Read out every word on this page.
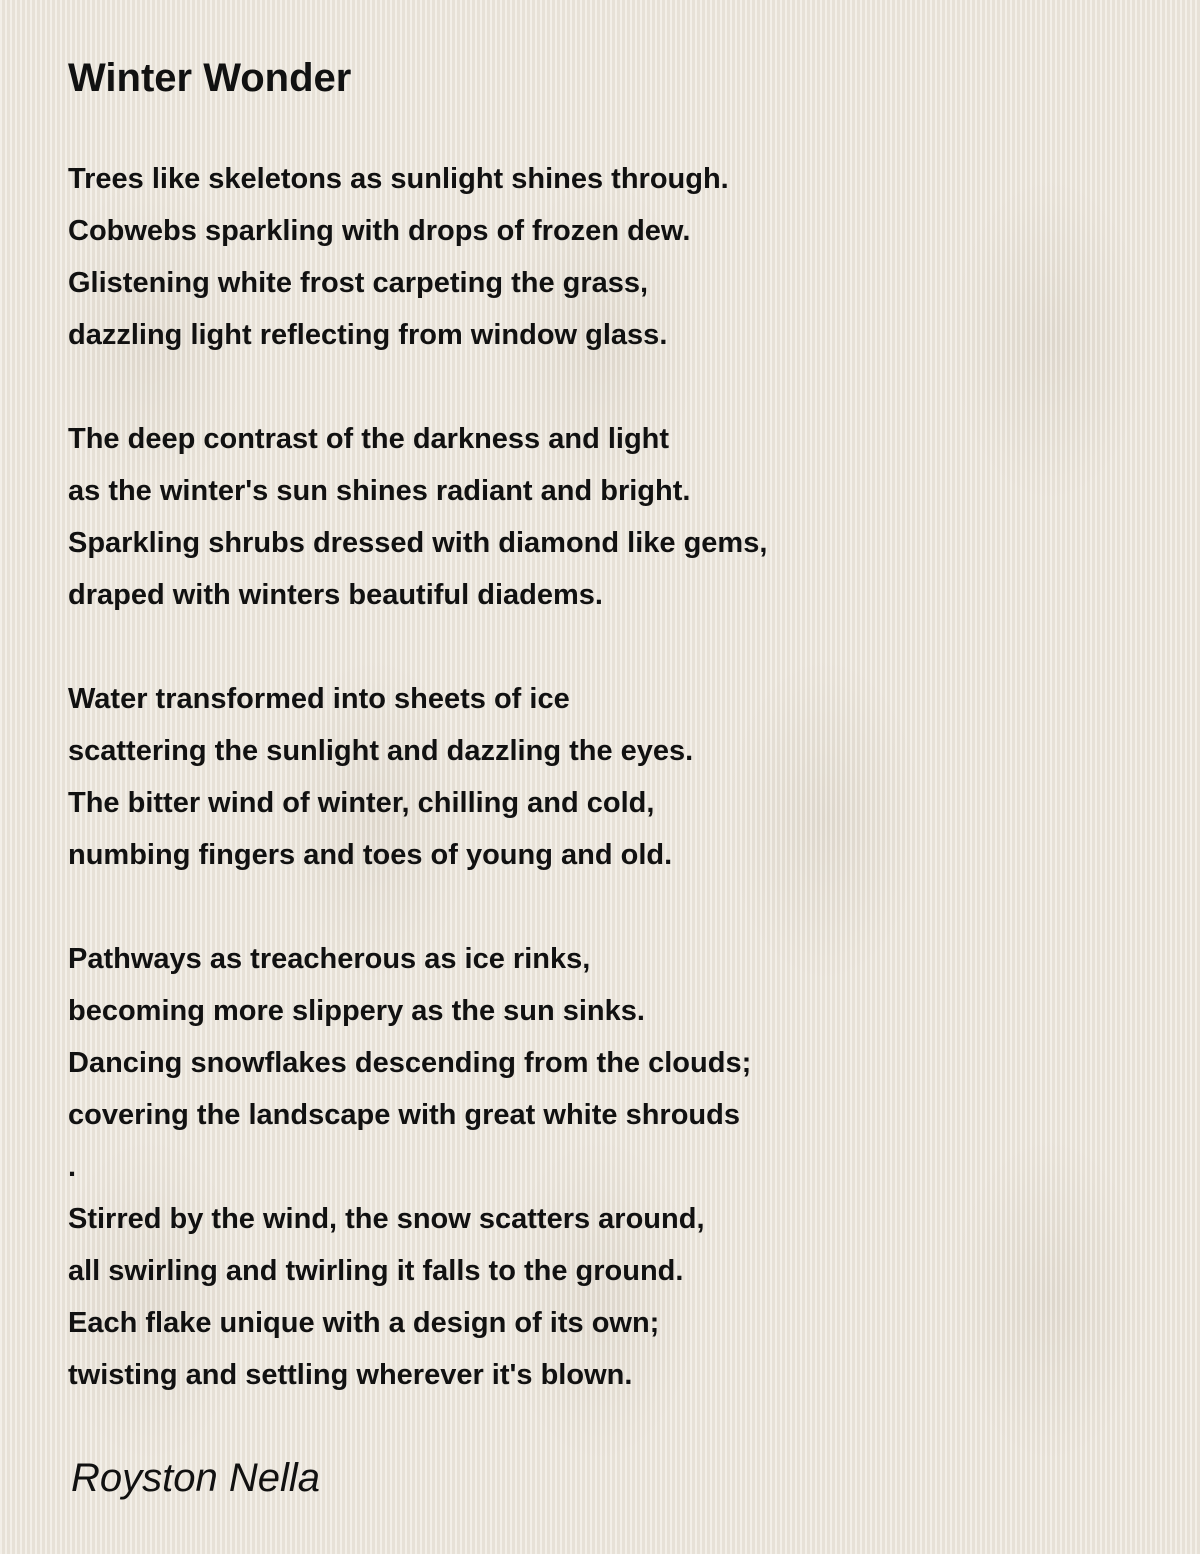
Winter Wonder
Trees like skeletons as sunlight shines through.
Cobwebs sparkling with drops of frozen dew.
Glistening white frost carpeting the grass,
dazzling light reflecting from window glass.
The deep contrast of the darkness and light
as the winter's sun shines radiant and bright.
Sparkling shrubs dressed with diamond like gems,
draped with winters beautiful diadems.
Water transformed into sheets of ice
scattering the sunlight and dazzling the eyes.
The bitter wind of winter, chilling and cold,
numbing fingers and toes of young and old.
Pathways as treacherous as ice rinks,
becoming more slippery as the sun sinks.
Dancing snowflakes descending from the clouds;
covering the landscape with great white shrouds
.
Stirred by the wind, the snow scatters around,
all swirling and twirling it falls to the ground.
Each flake unique with a design of its own;
twisting and settling wherever it's blown.
Royston Nella
